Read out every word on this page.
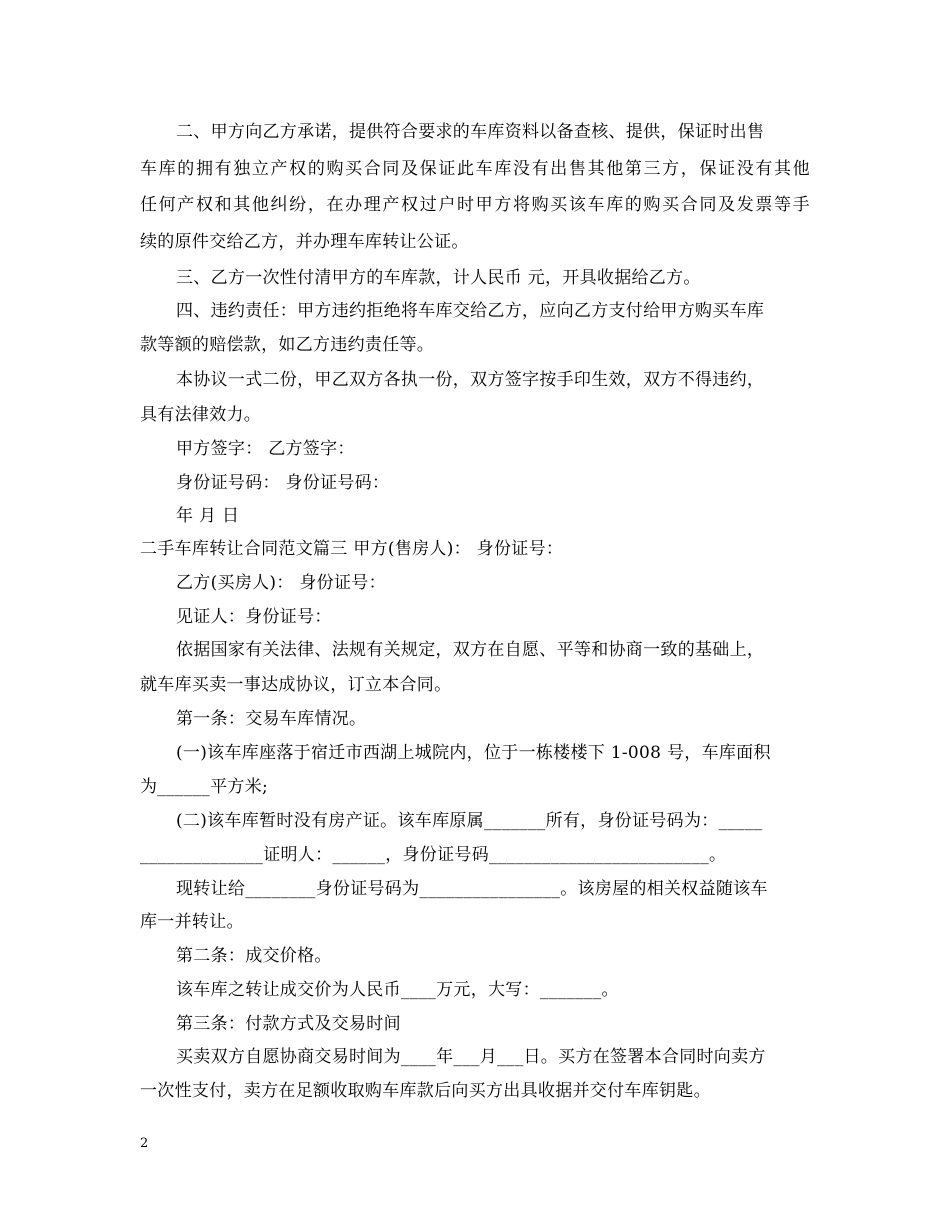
二、甲方向乙方承诺，提供符合要求的车库资料以备查核、提供，保证时出售
车库的拥有独立产权的购买合同及保证此车库没有出售其他第三方，保证没有其他
任何产权和其他纠纷，在办理产权过户时甲方将购买该车库的购买合同及发票等手
续的原件交给乙方，并办理车库转让公证。
三、乙方一次性付清甲方的车库款，计人民币 元，开具收据给乙方。
四、违约责任：甲方违约拒绝将车库交给乙方，应向乙方支付给甲方购买车库
款等额的赔偿款，如乙方违约责任等。
本协议一式二份，甲乙双方各执一份，双方签字按手印生效，双方不得违约，
具有法律效力。
甲方签字： 乙方签字：
身份证号码： 身份证号码：
年 月 日
二手车库转让合同范文篇三 甲方(售房人)： 身份证号：
乙方(买房人)： 身份证号：
见证人：身份证号：
依据国家有关法律、法规有关规定，双方在自愿、平等和协商一致的基础上，
就车库买卖一事达成协议，订立本合同。
第一条：交易车库情况。
(一)该车库座落于宿迁市西湖上城院内，位于一栋楼楼下 1-008 号，车库面积
为______平方米;
(二)该车库暂时没有房产证。该车库原属_______所有，身份证号码为：_____
______________证明人：______，身份证号码_________________________。
现转让给________身份证号码为________________。该房屋的相关权益随该车
库一并转让。
第二条：成交价格。
该车库之转让成交价为人民币____万元，大写：_______。
第三条：付款方式及交易时间
买卖双方自愿协商交易时间为____年___月___日。买方在签署本合同时向卖方
一次性支付，卖方在足额收取购车库款后向买方出具收据并交付车库钥匙。
2
